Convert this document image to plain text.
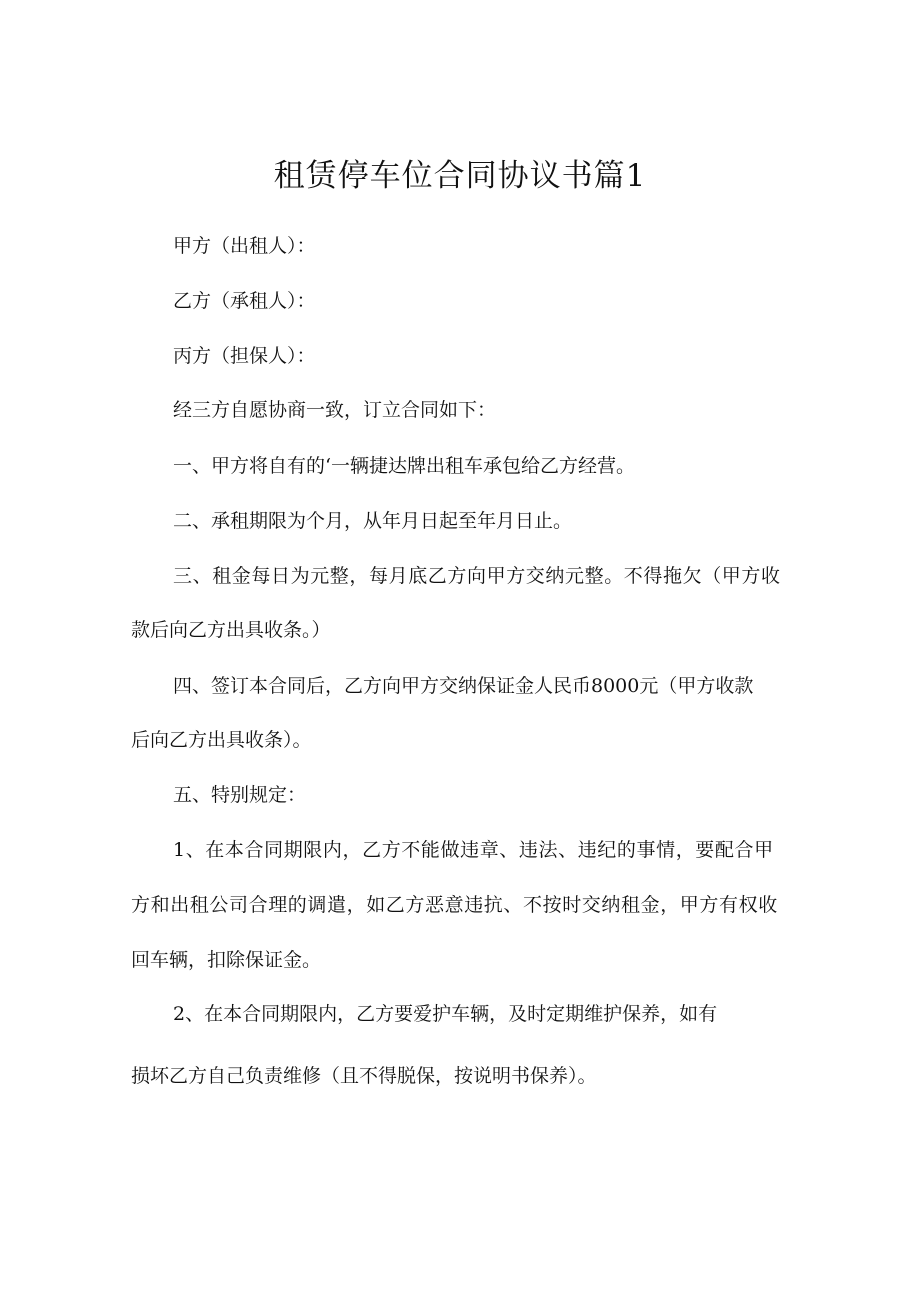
租赁停车位合同协议书篇1
甲方（出租人）：
乙方（承租人）：
丙方（担保人）：
经三方自愿协商一致，订立合同如下：
一、甲方将自有的‘一辆捷达牌出租车承包给乙方经营。
二、承租期限为个月，从年月日起至年月日止。
三、租金每日为元整，每月底乙方向甲方交纳元整。不得拖欠（甲方收
款后向乙方出具收条。）
四、签订本合同后，乙方向甲方交纳保证金人民币8000元（甲方收款
后向乙方出具收条）。
五、特别规定：
1、在本合同期限内，乙方不能做违章、违法、违纪的事情，要配合甲
方和出租公司合理的调遣，如乙方恶意违抗、不按时交纳租金，甲方有权收
回车辆，扣除保证金。
2、在本合同期限内，乙方要爱护车辆，及时定期维护保养，如有
损坏乙方自己负责维修（且不得脱保，按说明书保养）。
